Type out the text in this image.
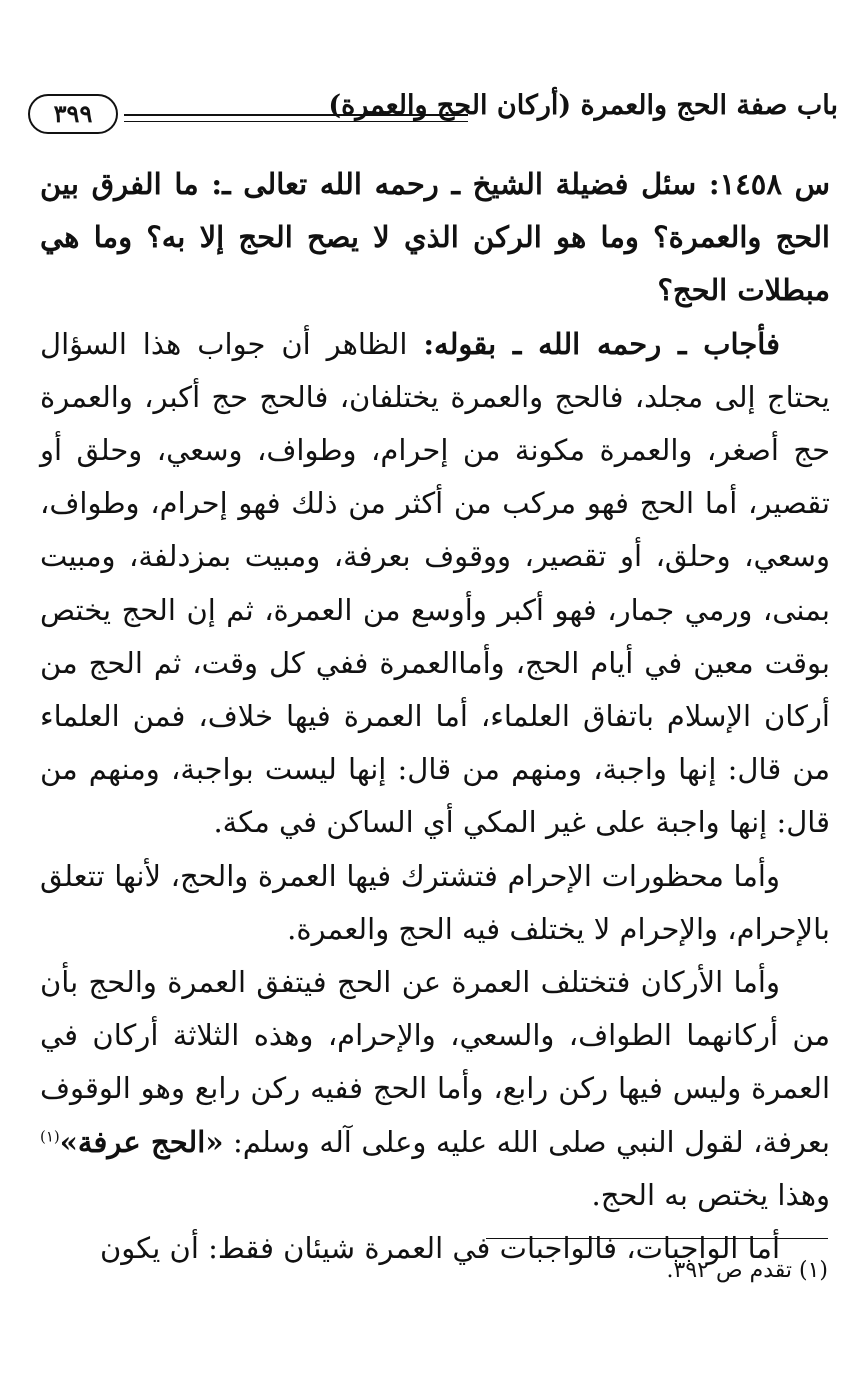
٣٩٩	باب صفة الحج والعمرة (أركان الحج والعمرة)

س ١٤٥٨: سئل فضيلة الشيخ ـ رحمه الله تعالى ـ: ما الفرق بين الحج والعمرة؟ وما هو الركن الذي لا يصح الحج إلا به؟ وما هي مبطلات الحج؟

فأجاب ـ رحمه الله ـ بقوله: الظاهر أن جواب هذا السؤال يحتاج إلى مجلد، فالحج والعمرة يختلفان، فالحج حج أكبر، والعمرة حج أصغر، والعمرة مكونة من إحرام، وطواف، وسعي، وحلق أو تقصير، أما الحج فهو مركب من أكثر من ذلك فهو إحرام، وطواف، وسعي، وحلق، أو تقصير، ووقوف بعرفة، ومبيت بمزدلفة، ومبيت بمنى، ورمي جمار، فهو أكبر وأوسع من العمرة، ثم إن الحج يختص بوقت معين في أيام الحج، وأماالعمرة ففي كل وقت، ثم الحج من أركان الإسلام باتفاق العلماء، أما العمرة فيها خلاف، فمن العلماء من قال: إنها واجبة، ومنهم من قال: إنها ليست بواجبة، ومنهم من قال: إنها واجبة على غير المكي أي الساكن في مكة.

وأما محظورات الإحرام فتشترك فيها العمرة والحج، لأنها تتعلق بالإحرام، والإحرام لا يختلف فيه الحج والعمرة.

وأما الأركان فتختلف العمرة عن الحج فيتفق العمرة والحج بأن من أركانهما الطواف، والسعي، والإحرام، وهذه الثلاثة أركان في العمرة وليس فيها ركن رابع، وأما الحج ففيه ركن رابع وهو الوقوف بعرفة، لقول النبي صلى الله عليه وعلى آله وسلم: «الحج عرفة»$^{(١)}$ وهذا يختص به الحج.

أما الواجبات، فالواجبات في العمرة شيئان فقط: أن يكون

(١) تقدم ص ٣٩٢.
